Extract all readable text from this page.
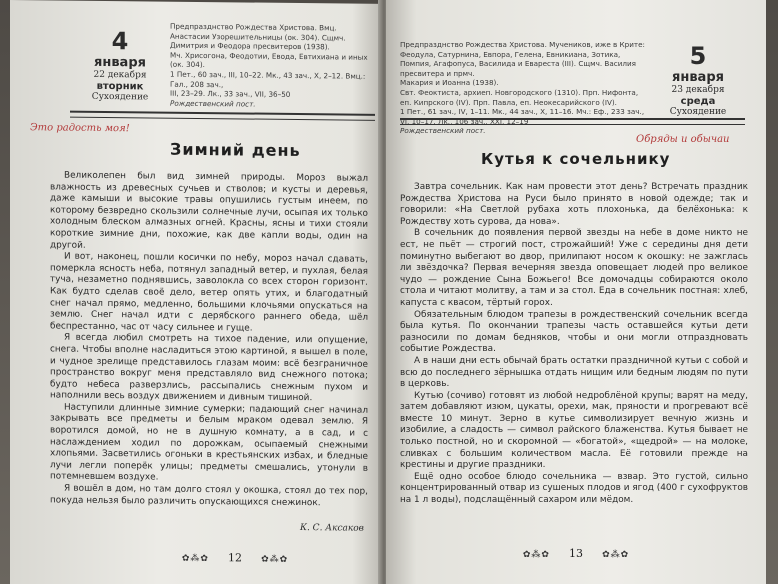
4
января
22 декабря
вторник
Сухоядение
Предпразднство Рождества Христова. Вмц. Анастасии Узорешительницы (ок. 304). Сщмч. Димитрия и Феодора пресвитеров (1938).
Мч. Хрисогона, Феодотии, Евода, Евтихиана и иных (ок. 304).
1 Пет., 60 зач., III, 10–22. Мк., 43 зач., Х, 2–12. Вмц.: Гал., 208 зач.,
III, 23–29. Лк., 33 зач., VII, 36–50
Рождественский пост.
Это радость моя!
Зимний день

Великолепен был вид зимней природы. Мороз выжал влажность из древесных сучьев и стволов; и кусты и деревья, даже камыши и высокие травы опушились густым инеем, по которому безвредно скользили солнечные лучи, осыпая их только холодным блеском алмазных огней. Красны, ясны и тихи стояли короткие зимние дни, похожие, как две капли воды, один на другой.

И вот, наконец, пошли косички по небу, мороз начал сдавать, померкла ясность неба, потянул западный ветер, и пухлая, белая туча, незаметно поднявшись, заволокла со всех сторон горизонт. Как будто сделав своё дело, ветер опять утих, и благодатный снег начал прямо, медленно, большими клочьями опускаться на землю. Снег начал идти с дерябского раннего обеда, шёл беспрестанно, час от часу сильнее и гуще.

Я всегда любил смотреть на тихое падение, или опущение, снега. Чтобы вполне насладиться этою картиной, я вышел в поле, и чудное зрелище представилось глазам моим: всё безграничное пространство вокруг меня представляло вид снежного потока; будто небеса разверзлись, рассыпались снежным пухом и наполнили весь воздух движением и дивным тишиной.

Наступили длинные зимние сумерки; падающий снег начинал закрывать все предметы и белым мраком одевал землю. Я воротился домой, но не в душную комнату, а в сад, и с наслаждением ходил по дорожкам, осыпаемый снежными хлопьями. Засветились огоньки в крестьянских избах, и бледные лучи легли поперёк улицы; предметы смешались, утонули в потемневшем воздухе.

Я вошёл в дом, но там долго стоял у окошка, стоял до тех пор, покуда нельзя было различить опускающихся снежинок.

К. С. Аксаков
✿⁂✿ 12 ✿⁂✿
Предпразднство Рождества Христова. Мучеников, иже в Крите: Феодула, Сатурнина, Евпора, Гелена, Евникиана, Зотика, Помпия, Агафопуса, Василида и Евареста (III). Сщмч. Василия пресвитера и прмч.
Макария и Иоанна (1938).
Свт. Феоктиста, архиеп. Новгородского (1310). Прп. Нифонта, еп. Кипрского (IV). Прп. Павла, еп. Неокесарийского (IV).
1 Пет., 61 зач., IV, 1–11. Мк., 44 зач., X, 11–16. Мч.: Еф., 233 зач., VI, 10–17. Лк., 106 зач., XXI, 12–19
Рождественский пост.
5
января
23 декабря
среда
Сухоядение
Обряды и обычаи
Кутья к сочельнику

Завтра сочельник. Как нам провести этот день? Встречать праздник Рождества Христова на Руси было принято в новой одежде; так и говорили: «На Светлой рубаха хоть плохонька, да белёхонька: к Рождеству хоть сурова, да нова».

В сочельник до появления первой звезды на небе в доме никто не ест, не пьёт — строгий пост, строжайший! Уже с середины дня дети поминутно выбегают во двор, прилипают носом к окошку: не зажглась ли звёздочка? Первая вечерняя звезда оповещает людей про великое чудо — рождение Сына Божьего! Все домочадцы собираются около стола и читают молитву, а там и за стол. Еда в сочельник постная: хлеб, капуста с квасом, тёртый горох.

Обязательным блюдом трапезы в рождественский сочельник всегда была кутья. По окончании трапезы часть оставшейся кутьи дети разносили по домам бедняков, чтобы и они могли отпраздновать событие Рождества.

А в наши дни есть обычай брать остатки праздничной кутьи с собой и всю до последнего зёрнышка отдать нищим или бедным людям по пути в церковь.

Кутью (сочиво) готовят из любой недроблёной крупы; варят на меду, затем добавляют изюм, цукаты, орехи, мак, пряности и прогревают всё вместе 10 минут. Зерно в кутье символизирует вечную жизнь и изобилие, а сладость — символ райского блаженства. Кутья бывает не только постной, но и скоромной — «богатой», «щедрой» — на молоке, сливках с большим количеством масла. Её готовили прежде на крестины и другие праздники.

Ещё одно особое блюдо сочельника — взвар. Это густой, сильно концентрированный отвар из сушеных плодов и ягод (400 г сухофруктов на 1 л воды), подслащённый сахаром или мёдом.

✿⁂✿ 13 ✿⁂✿
